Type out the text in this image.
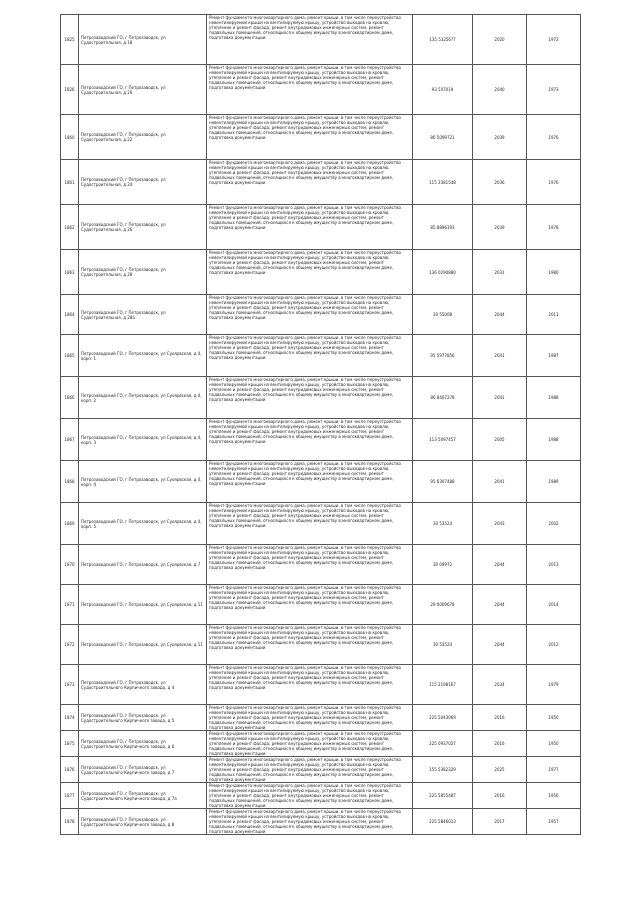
1825	Петрозаводский ГО, г Петрозаводск, ул Судостроительная, д 18	Ремонт фундамента многоквартирного дома, ремонт крыши, в том числе переустройство невентилируемой крыши на вентилируемую крышу, устройство выходов на кровлю, утепление и ремонт фасада, ремонт внутридомовых инженерных систем, ремонт подвальных помещений, относящихся к общему имуществу в многоквартирном доме, подготовка документации	135 53256?7	2020	1972
1826	Петрозаводский ГО, г Петрозаводск, ул Судостроительная, д 20	Ремонт фундамента многоквартирного дома, ремонт крыши, в том числе переустройство невентилируемой крыши на вентилируемую крышу, устройство выходов на кровлю, утепление и ремонт фасада, ремонт внутридомовых инженерных систем, ремонт подвальных помещений, относящихся к общему имуществу в многоквартирном доме, подготовка документации	93 507019	2040	1973
1860	Петрозаводский ГО, г Петрозаводск, ул Судостроительная, д 22	Ремонт фундамента многоквартирного дома, ремонт крыши, в том числе переустройство невентилируемой крыши на вентилируемую крышу, устройство выходов на кровлю, утепление и ремонт фасада, ремонт внутридомовых инженерных систем, ремонт подвальных помещений, относящихся к общему имуществу в многоквартирном доме, подготовка документации	86 5099721	2039	1976
1861	Петрозаводский ГО, г Петрозаводск, ул Судостроительная, д 24	Ремонт фундамента многоквартирного дома, ремонт крыши, в том числе переустройство невентилируемой крыши на вентилируемую крышу, устройство выходов на кровлю, утепление и ремонт фасада, ремонт внутридомовых инженерных систем, ремонт подвальных помещений, относящихся к общему имуществу в многоквартирном доме, подготовка документации	115 3381548	2036	1976
1862	Петрозаводский ГО, г Петрозаводск, ул Судостроительная, д 26	Ремонт фундамента многоквартирного дома, ремонт крыши, в том числе переустройство невентилируемой крыши на вентилируемую крышу, устройство выходов на кровлю, утепление и ремонт фасада, ремонт внутридомовых инженерных систем, ремонт подвальных помещений, относящихся к общему имуществу в многоквартирном доме, подготовка документации	85 8896193	2039	1978
1863	Петрозаводский ГО, г Петрозаводск, ул Судостроительная, д 28	Ремонт фундамента многоквартирного дома, ремонт крыши, в том числе переустройство невентилируемой крыши на вентилируемую крышу, устройство выходов на кровлю, утепление и ремонт фасада, ремонт внутридомовых инженерных систем, ремонт подвальных помещений, относящихся к общему имуществу в многоквартирном доме, подготовка документации	136 0290880	2031	1980
1864	Петрозаводский ГО, г Петрозаводск, ул Судостроительная, д 28а	Ремонт фундамента многоквартирного дома, ремонт крыши, в том числе переустройство невентилируемой крыши на вентилируемую крышу, устройство выходов на кровлю, утепление и ремонт фасада, ремонт внутридомовых инженерных систем, ремонт подвальных помещений, относящихся к общему имуществу в многоквартирном доме, подготовка документации	30 55008	2044	2011
1865	Петрозаводский ГО, г Петрозаводск, ул Суоярвская, д 4, корп. 1	Ремонт фундамента многоквартирного дома, ремонт крыши, в том числе переустройство невентилируемой крыши на вентилируемую крышу, устройство выходов на кровлю, утепление и ремонт фасада, ремонт внутридомовых инженерных систем, ремонт подвальных помещений, относящихся к общему имуществу в многоквартирном доме, подготовка документации	95 5977856	2041	1987
1866	Петрозаводский ГО, г Петрозаводск, ул Суоярвская, д 4, корп. 2	Ремонт фундамента многоквартирного дома, ремонт крыши, в том числе переустройство невентилируемой крыши на вентилируемую крышу, устройство выходов на кровлю, утепление и ремонт фасада, ремонт внутридомовых инженерных систем, ремонт подвальных помещений, относящихся к общему имуществу в многоквартирном доме, подготовка документации	86 8407278	2041	1988
1867	Петрозаводский ГО, г Петрозаводск, ул Суоярвская, д 4, корп. 3	Ремонт фундамента многоквартирного дома, ремонт крыши, в том числе переустройство невентилируемой крыши на вентилируемую крышу, устройство выходов на кровлю, утепление и ремонт фасада, ремонт внутридомовых инженерных систем, ремонт подвальных помещений, относящихся к общему имуществу в многоквартирном доме, подготовка документации	113 5097457	2005	1988
1868	Петрозаводский ГО, г Петрозаводск, ул Суоярвская, д 4, корп. 4	Ремонт фундамента многоквартирного дома, ремонт крыши, в том числе переустройство невентилируемой крыши на вентилируемую крышу, устройство выходов на кровлю, утепление и ремонт фасада, ремонт внутридомовых инженерных систем, ремонт подвальных помещений, относящихся к общему имуществу в многоквартирном доме, подготовка документации	95 6307488	2041	1989
1869	Петрозаводский ГО, г Петрозаводск, ул Суоярвская, д 4, корп. 5	Ремонт фундамента многоквартирного дома, ремонт крыши, в том числе переустройство невентилируемой крыши на вентилируемую крышу, устройство выходов на кровлю, утепление и ремонт фасада, ремонт внутридомовых инженерных систем, ремонт подвальных помещений, относящихся к общему имуществу в многоквартирном доме, подготовка документации	30 53524	2043	2002
1870	Петрозаводский ГО, г Петрозаводск, ул Суоярвская, д 7	Ремонт фундамента многоквартирного дома, ремонт крыши, в том числе переустройство невентилируемой крыши на вентилируемую крышу, устройство выходов на кровлю, утепление и ремонт фасада, ремонт внутридомовых инженерных систем, ремонт подвальных помещений, относящихся к общему имуществу в многоквартирном доме, подготовка документации	30 09972	2044	2013
1871	Петрозаводский ГО, г Петрозаводск, ул Суоярвская, д 11	Ремонт фундамента многоквартирного дома, ремонт крыши, в том числе переустройство невентилируемой крыши на вентилируемую крышу, устройство выходов на кровлю, утепление и ремонт фасада, ремонт внутридомовых инженерных систем, ремонт подвальных помещений, относящихся к общему имуществу в многоквартирном доме, подготовка документации	29 0009678	2044	2014
1872	Петрозаводский ГО, г Петрозаводск, ул Суоярвская, д 11	Ремонт фундамента многоквартирного дома, ремонт крыши, в том числе переустройство невентилируемой крыши на вентилируемую крышу, устройство выходов на кровлю, утепление и ремонт фасада, ремонт внутридомовых инженерных систем, ремонт подвальных помещений, относящихся к общему имуществу в многоквартирном доме, подготовка документации	30 53524	2044	2012
1873	Петрозаводский ГО, г Петрозаводск, ул Судостроительного Кирпичного завода, д 4	Ремонт фундамента многоквартирного дома, ремонт крыши, в том числе переустройство невентилируемой крыши на вентилируемую крышу, устройство выходов на кровлю, утепление и ремонт фасада, ремонт внутридомовых инженерных систем, ремонт подвальных помещений, относящихся к общему имуществу в многоквартирном доме, подготовка документации	115 2198167	2034	1979
1874	Петрозаводский ГО, г Петрозаводск, ул Судостроительного Кирпичного завода, д 5	Ремонт фундамента многоквартирного дома, ремонт крыши, в том числе переустройство невентилируемой крыши на вентилируемую крышу, устройство выходов на кровлю, утепление и ремонт фасада, ремонт внутридомовых инженерных систем, ремонт подвальных помещений, относящихся к общему имуществу в многоквартирном доме, подготовка документации	225 5043069	2016	1950
1875	Петрозаводский ГО, г Петрозаводск, ул Судостроительного Кирпичного завода, д 6	Ремонт фундамента многоквартирного дома, ремонт крыши, в том числе переустройство невентилируемой крыши на вентилируемую крышу, устройство выходов на кровлю, утепление и ремонт фасада, ремонт внутридомовых инженерных систем, ремонт подвальных помещений, относящихся к общему имуществу в многоквартирном доме, подготовка документации	225 0937027	2016	1950
1876	Петрозаводский ГО, г Петрозаводск, ул Судостроительного Кирпичного завода, д 7	Ремонт фундамента многоквартирного дома, ремонт крыши, в том числе переустройство невентилируемой крыши на вентилируемую крышу, устройство выходов на кровлю, утепление и ремонт фасада, ремонт внутридомовых инженерных систем, ремонт подвальных помещений, относящихся к общему имуществу в многоквартирном доме, подготовка документации	155 5382329	2025	1977
1877	Петрозаводский ГО, г Петрозаводск, ул Судостроительного Кирпичного завода, д 7а	Ремонт фундамента многоквартирного дома, ремонт крыши, в том числе переустройство невентилируемой крыши на вентилируемую крышу, устройство выходов на кровлю, утепление и ремонт фасада, ремонт внутридомовых инженерных систем, ремонт подвальных помещений, относящихся к общему имуществу в многоквартирном доме, подготовка документации	225 5855487	2016	1956
1878	Петрозаводский ГО, г Петрозаводск, ул Судостроительного Кирпичного завода, д 8	Ремонт фундамента многоквартирного дома, ремонт крыши, в том числе переустройство невентилируемой крыши на вентилируемую крышу, устройство выходов на кровлю, утепление и ремонт фасада, ремонт внутридомовых инженерных систем, ремонт подвальных помещений, относящихся к общему имуществу в многоквартирном доме, подготовка документации	225 5846013	2017	1957
